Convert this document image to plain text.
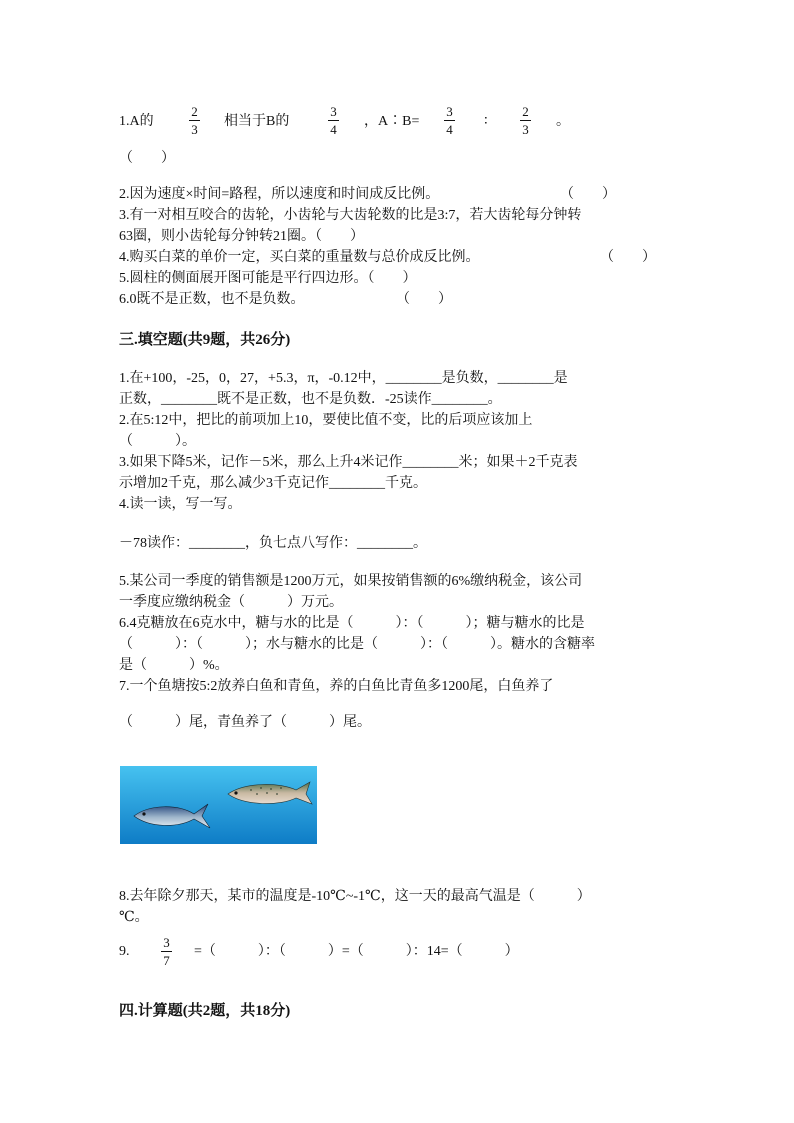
1.A的
2
3
相当于B的
3
4
，A∶B=
3
4
∶
2
3
。
（　　）
2.因为速度×时间=路程，所以速度和时间成反比例。	（　　）
3.有一对相互咬合的齿轮，小齿轮与大齿轮数的比是3:7，若大齿轮每分钟转
63圈，则小齿轮每分钟转21圈。（　　）
4.购买白菜的单价一定，买白菜的重量数与总价成反比例。	（　　）
5.圆柱的侧面展开图可能是平行四边形。（　　）
6.0既不是正数，也不是负数。	（　　）
三.填空题(共9题，共26分)
1.在+100，-25，0，27，+5.3，π，-0.12中，________是负数，________是
正数，________既不是正数，也不是负数．-25读作________。
2.在5:12中，把比的前项加上10，要使比值不变，比的后项应该加上
（　　　）。
3.如果下降5米，记作－5米，那么上升4米记作________米；如果＋2千克表
示增加2千克，那么减少3千克记作________千克。
4.读一读，写一写。
－78读作：________，负七点八写作：________。
5.某公司一季度的销售额是1200万元，如果按销售额的6%缴纳税金，该公司
一季度应缴纳税金（　　　）万元。
6.4克糖放在6克水中，糖与水的比是（　　　）：（　　　）；糖与糖水的比是
（　　　）：（　　　）；水与糖水的比是（　　　）：（　　　）。糖水的含糖率
是（　　　）%。
7.一个鱼塘按5:2放养白鱼和青鱼，养的白鱼比青鱼多1200尾，白鱼养了
（　　　）尾，青鱼养了（　　　）尾。
8.去年除夕那天，某市的温度是-10℃~-1℃，这一天的最高气温是（　　　）
℃。
9.
3
7
=（　　　）：（　　　）=（　　　）：14=（　　　）
四.计算题(共2题，共18分)
